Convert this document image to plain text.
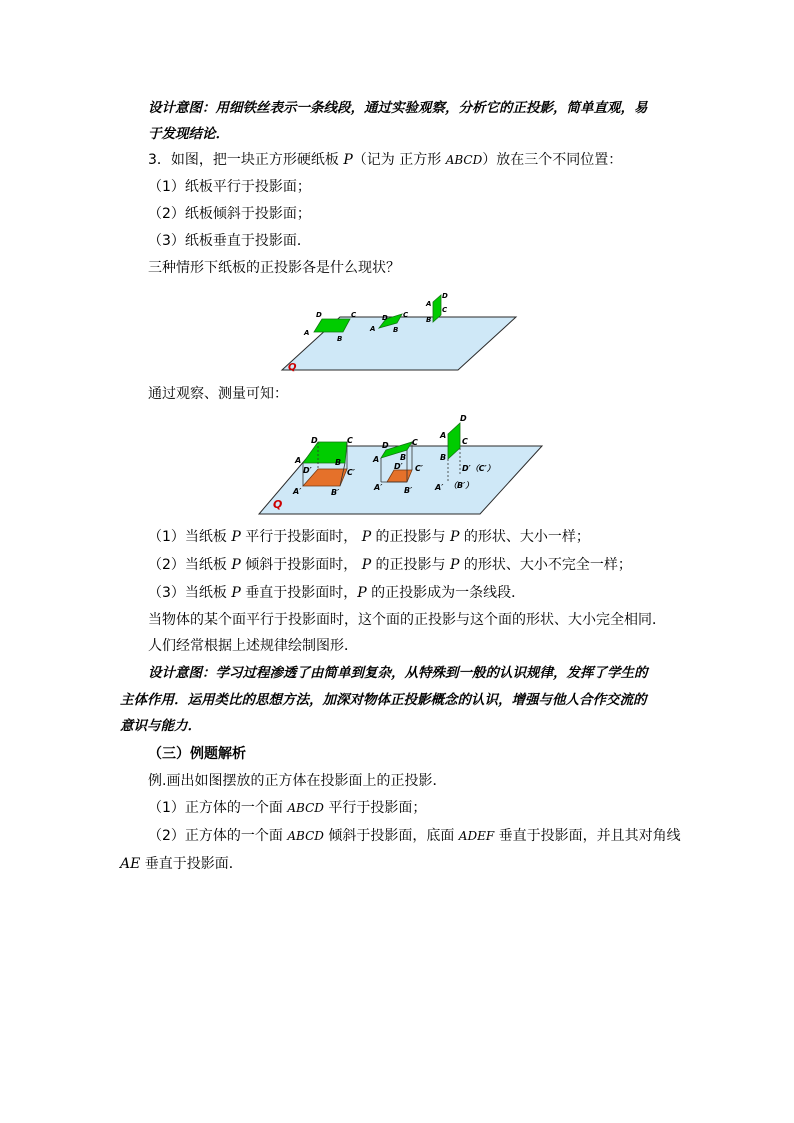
设计意图：用细铁丝表示一条线段，通过实验观察，分析它的正投影，简单直观，易
于发现结论．
3．如图，把一块正方形硬纸板 P（记为 正方形 ABCD）放在三个不同位置：
（1）纸板平行于投影面；
（2）纸板倾斜于投影面；
（3）纸板垂直于投影面．
三种情形下纸板的正投影各是什么现状？
D	C
A
B
D C
A	B
D
C
A
B
Q
通过观察、测量可知：
D	C
A	B
D′	C′
A′	B′
D	C
A	B
D′ C′
A′	B′
D
A
C
B
D′（C′）
A′ （B′）
Q
（1）当纸板 P 平行于投影面时， P 的正投影与 P 的形状、大小一样；
（2）当纸板 P 倾斜于投影面时， P 的正投影与 P 的形状、大小不完全一样；
（3）当纸板 P 垂直于投影面时，P 的正投影成为一条线段．
当物体的某个面平行于投影面时，这个面的正投影与这个面的形状、大小完全相同．
人们经常根据上述规律绘制图形．
设计意图：学习过程渗透了由简单到复杂，从特殊到一般的认识规律，发挥了学生的
主体作用．运用类比的思想方法，加深对物体正投影概念的认识，增强与他人合作交流的
意识与能力．
（三）例题解析
例.画出如图摆放的正方体在投影面上的正投影．
（1）正方体的一个面 ABCD 平行于投影面；
（2）正方体的一个面 ABCD 倾斜于投影面，底面 ADEF 垂直于投影面，并且其对角线
AE 垂直于投影面．
